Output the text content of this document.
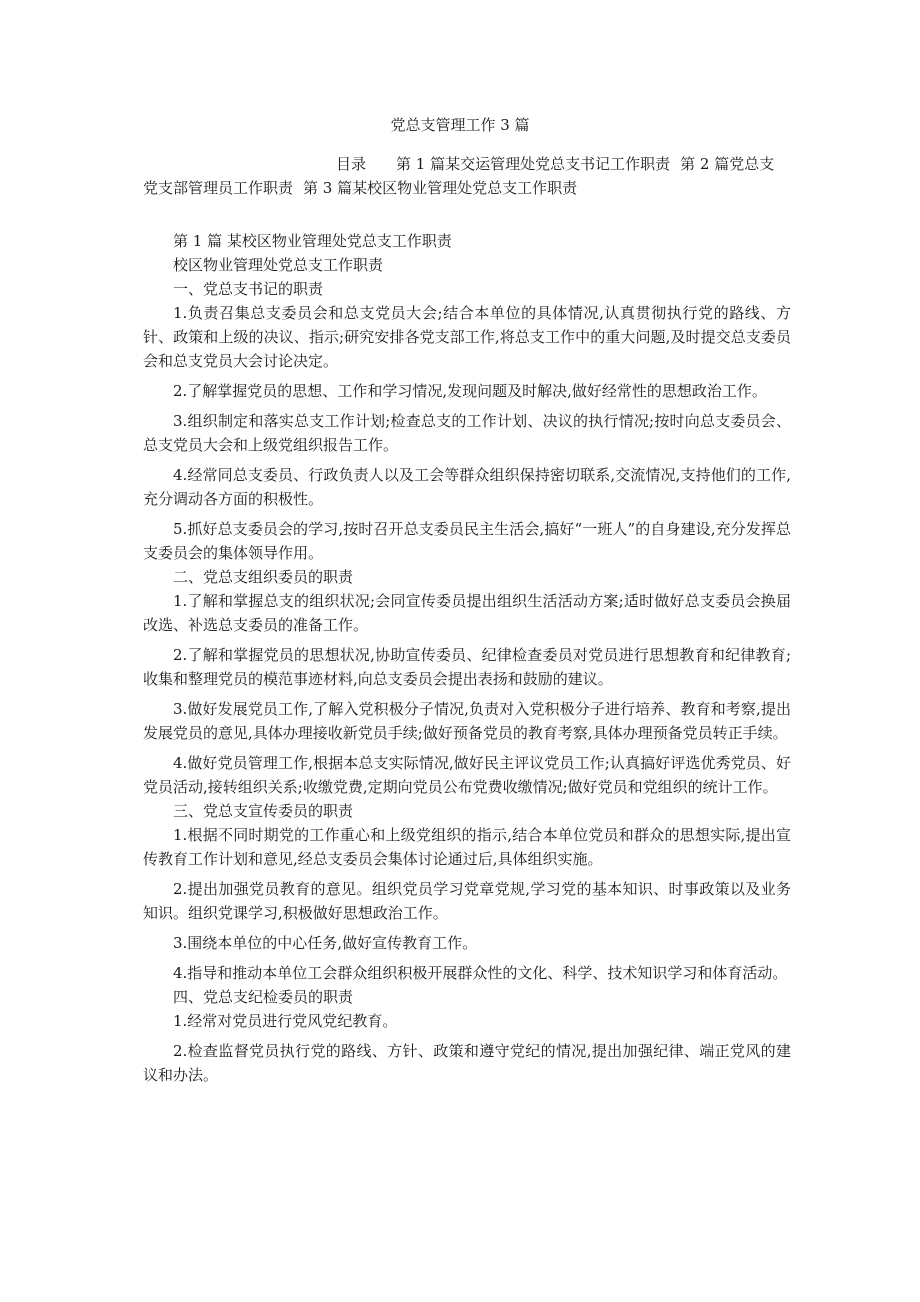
党总支管理工作 3 篇
目录 第 1 篇某交运管理处党总支书记工作职责 第 2 篇党总支党支部管理员工作职责 第 3 篇某校区物业管理处党总支工作职责

第 1 篇 某校区物业管理处党总支工作职责

校区物业管理处党总支工作职责

一、党总支书记的职责

1.负责召集总支委员会和总支党员大会;结合本单位的具体情况,认真贯彻执行党的路线、方针、政策和上级的决议、指示;研究安排各党支部工作,将总支工作中的重大问题,及时提交总支委员会和总支党员大会讨论决定。

2.了解掌握党员的思想、工作和学习情况,发现问题及时解决,做好经常性的思想政治工作。

3.组织制定和落实总支工作计划;检查总支的工作计划、决议的执行情况;按时向总支委员会、总支党员大会和上级党组织报告工作。

4.经常同总支委员、行政负责人以及工会等群众组织保持密切联系,交流情况,支持他们的工作,充分调动各方面的积极性。

5.抓好总支委员会的学习,按时召开总支委员民主生活会,搞好“一班人”的自身建设,充分发挥总支委员会的集体领导作用。

二、党总支组织委员的职责

1.了解和掌握总支的组织状况;会同宣传委员提出组织生活活动方案;适时做好总支委员会换届改选、补选总支委员的准备工作。

2.了解和掌握党员的思想状况,协助宣传委员、纪律检查委员对党员进行思想教育和纪律教育;收集和整理党员的模范事迹材料,向总支委员会提出表扬和鼓励的建议。

3.做好发展党员工作,了解入党积极分子情况,负责对入党积极分子进行培养、教育和考察,提出发展党员的意见,具体办理接收新党员手续;做好预备党员的教育考察,具体办理预备党员转正手续。

4.做好党员管理工作,根据本总支实际情况,做好民主评议党员工作;认真搞好评选优秀党员、好党员活动,接转组织关系;收缴党费,定期向党员公布党费收缴情况;做好党员和党组织的统计工作。

三、党总支宣传委员的职责

1.根据不同时期党的工作重心和上级党组织的指示,结合本单位党员和群众的思想实际,提出宣传教育工作计划和意见,经总支委员会集体讨论通过后,具体组织实施。

2.提出加强党员教育的意见。组织党员学习党章党规,学习党的基本知识、时事政策以及业务知识。组织党课学习,积极做好思想政治工作。

3.围绕本单位的中心任务,做好宣传教育工作。

4.指导和推动本单位工会群众组织积极开展群众性的文化、科学、技术知识学习和体育活动。

四、党总支纪检委员的职责

1.经常对党员进行党风党纪教育。

2.检查监督党员执行党的路线、方针、政策和遵守党纪的情况,提出加强纪律、端正党风的建议和办法。
